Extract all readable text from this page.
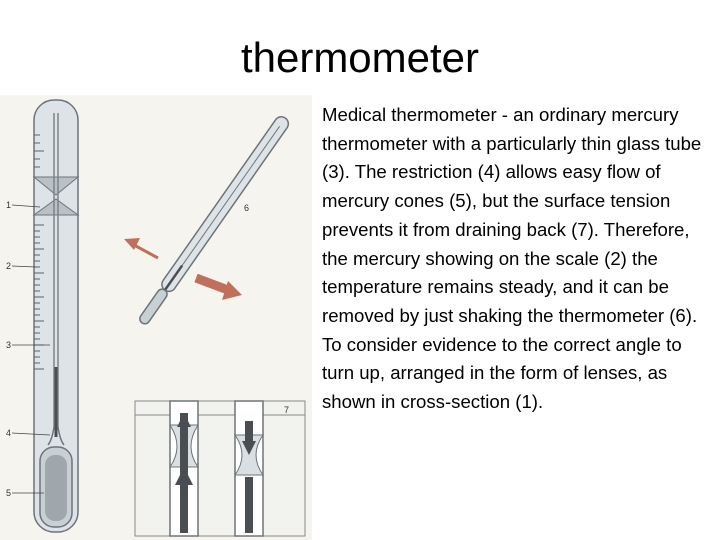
thermometer
1
2
3
4
5
6
7

Medical thermometer - an ordinary mercury thermometer with a particularly thin glass tube (3). The restriction (4) allows easy flow of mercury cones (5), but the surface tension prevents it from draining back (7). Therefore, the mercury showing on the scale (2) the temperature remains steady, and it can be removed by just shaking the thermometer (6). To consider evidence to the correct angle to turn up, arranged in the form of lenses, as shown in cross-section (1).
